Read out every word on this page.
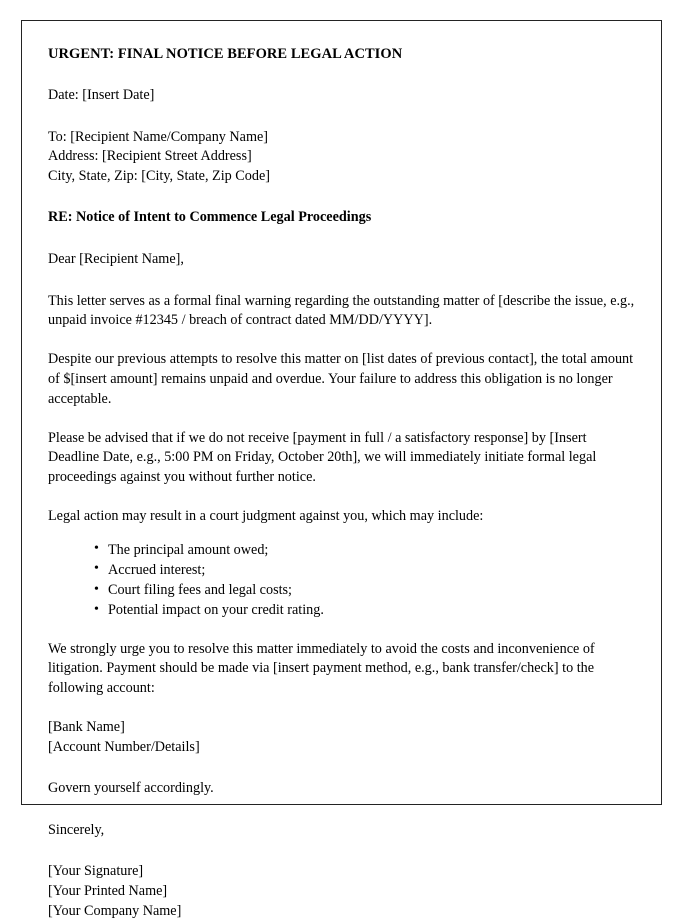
URGENT: FINAL NOTICE BEFORE LEGAL ACTION
Date: [Insert Date]
To: [Recipient Name/Company Name]
Address: [Recipient Street Address]
City, State, Zip: [City, State, Zip Code]
RE: Notice of Intent to Commence Legal Proceedings
Dear [Recipient Name],

This letter serves as a formal final warning regarding the outstanding matter of [describe the issue, e.g., unpaid invoice #12345 / breach of contract dated MM/DD/YYYY].

Despite our previous attempts to resolve this matter on [list dates of previous contact], the total amount of $[insert amount] remains unpaid and overdue. Your failure to address this obligation is no longer acceptable.

Please be advised that if we do not receive [payment in full / a satisfactory response] by [Insert Deadline Date, e.g., 5:00 PM on Friday, October 20th], we will immediately initiate formal legal proceedings against you without further notice.

Legal action may result in a court judgment against you, which may include:

• The principal amount owed;
• Accrued interest;
• Court filing fees and legal costs;
• Potential impact on your credit rating.

We strongly urge you to resolve this matter immediately to avoid the costs and inconvenience of litigation. Payment should be made via [insert payment method, e.g., bank transfer/check] to the following account:

[Bank Name]
[Account Number/Details]
Govern yourself accordingly.
Sincerely,
[Your Signature]
[Your Printed Name]
[Your Company Name]
